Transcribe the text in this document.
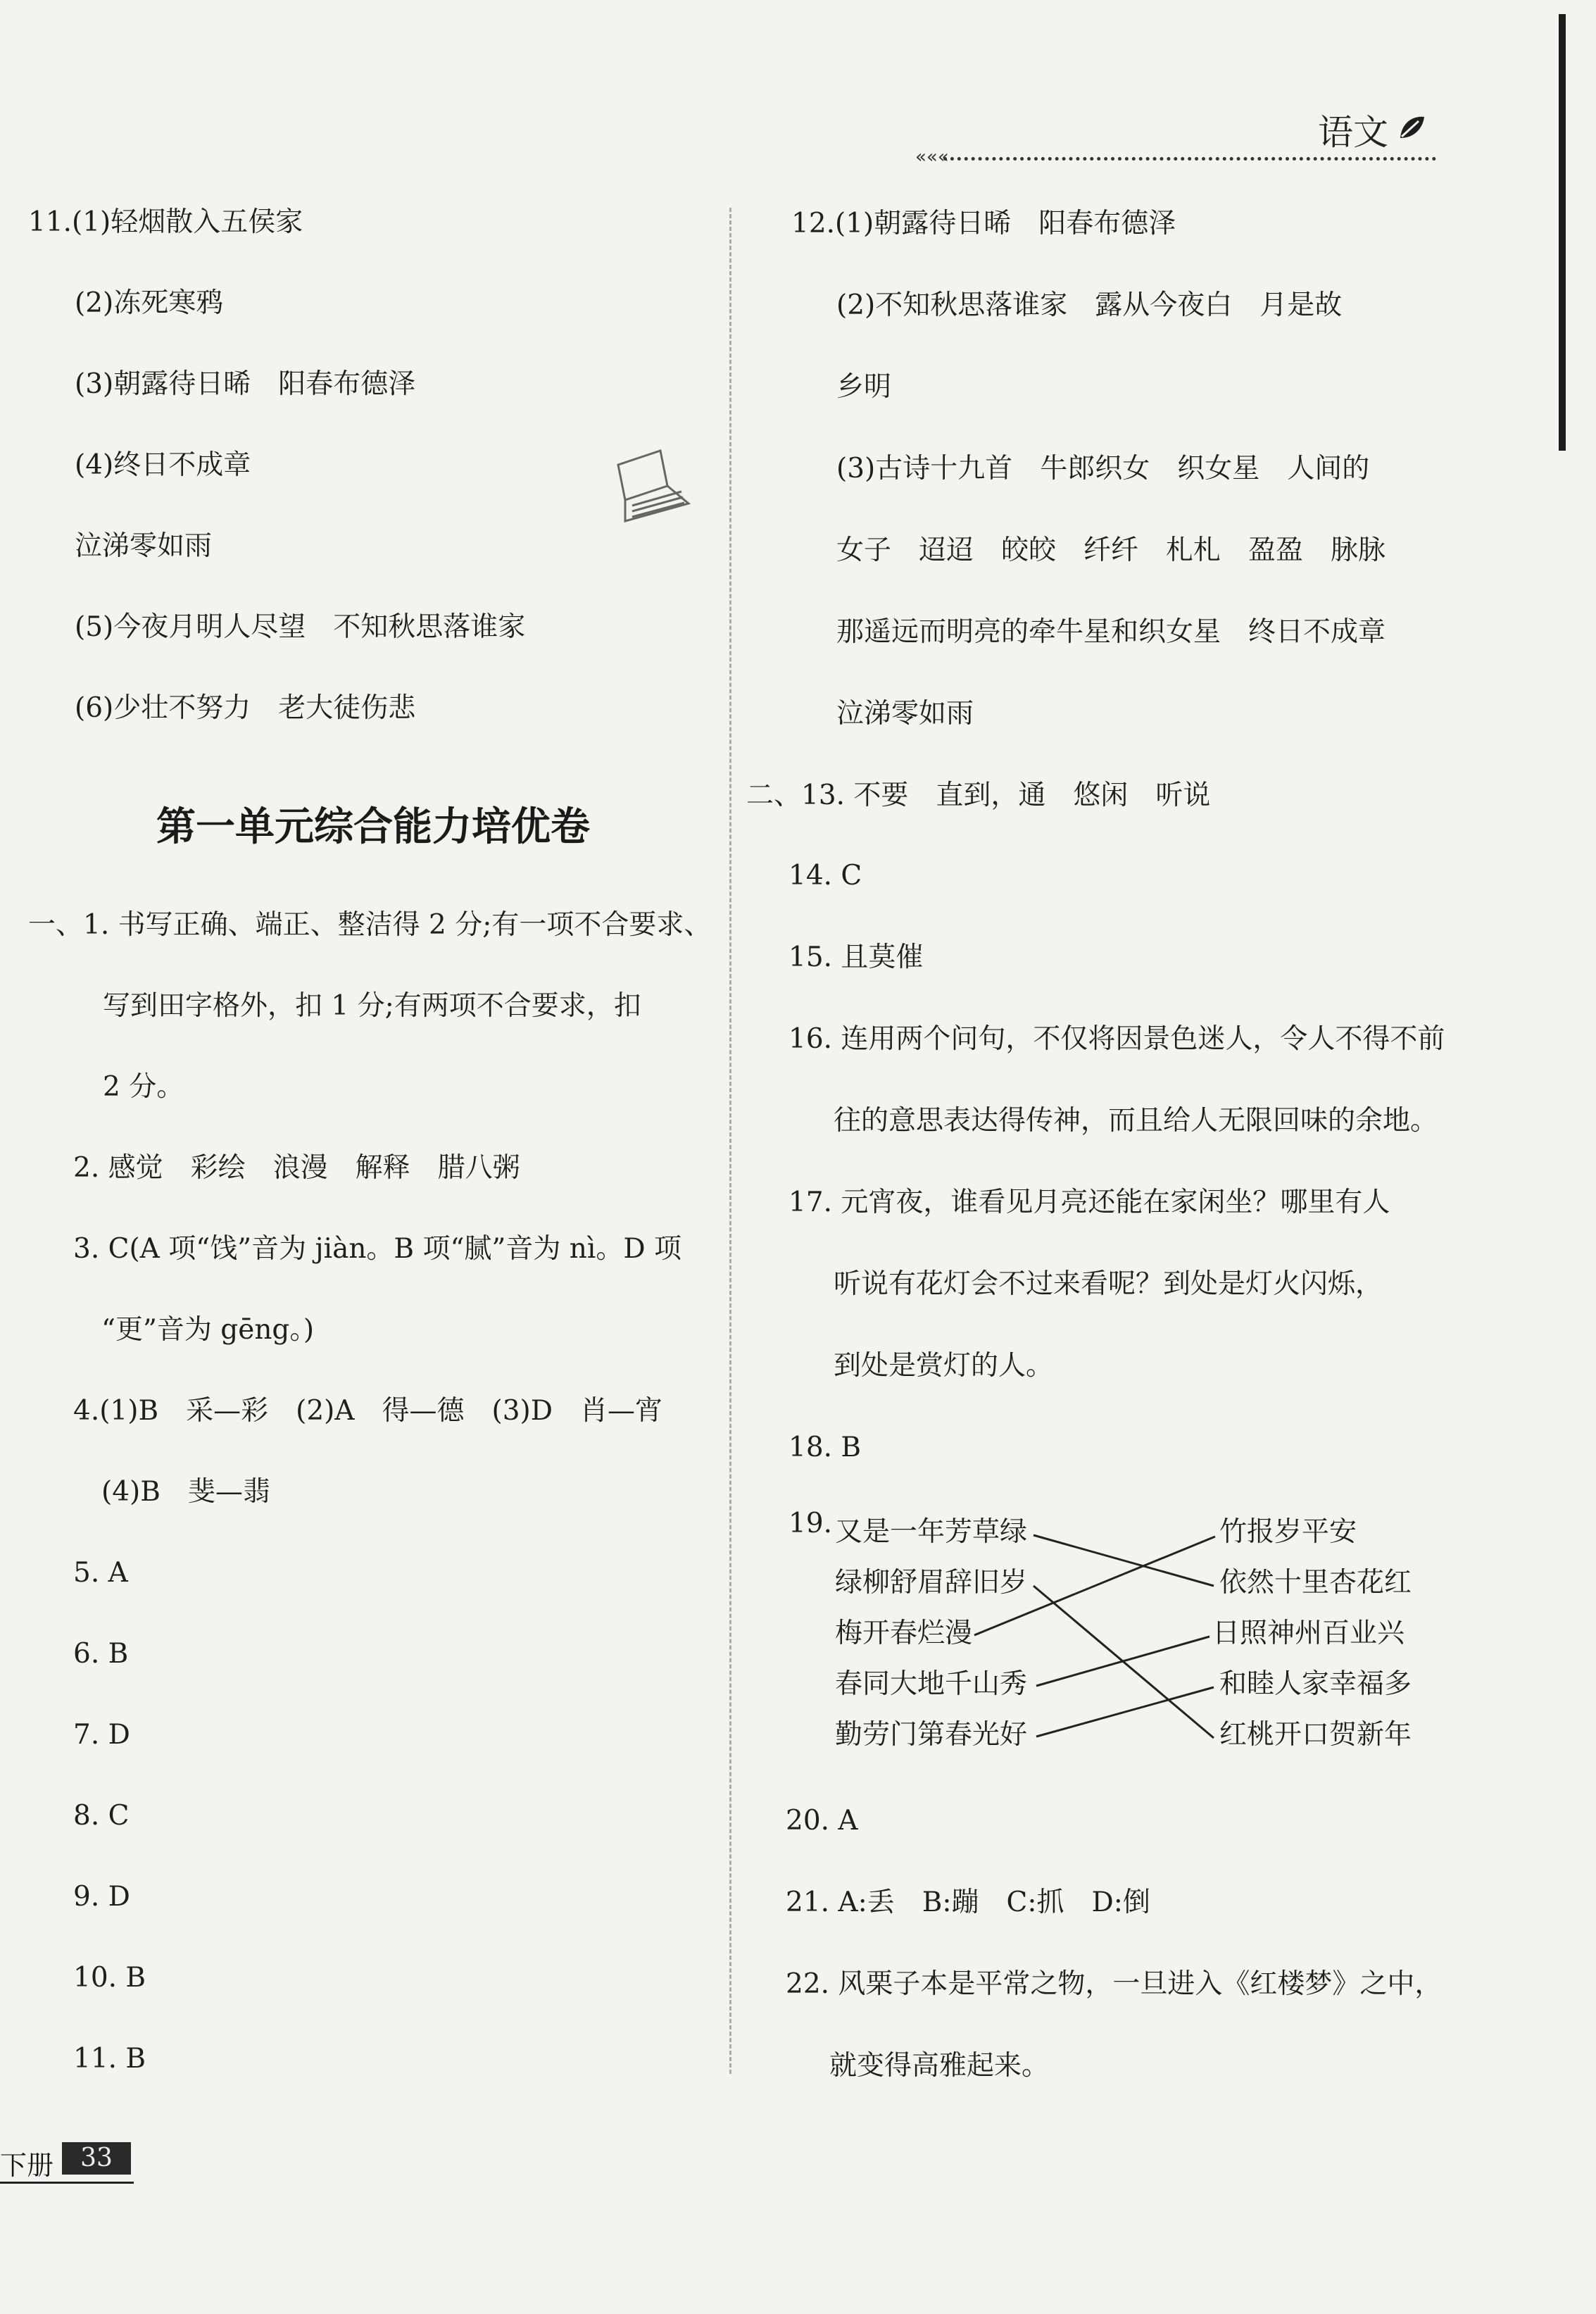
语文
«««
11.(1)轻烟散入五侯家
(2)冻死寒鸦
(3)朝露待日晞　阳春布德泽
(4)终日不成章
泣涕零如雨
(5)今夜月明人尽望　不知秋思落谁家
(6)少壮不努力　老大徒伤悲
第一单元综合能力培优卷
一、1. 书写正确、端正、整洁得 2 分;有一项不合要求、
写到田字格外，扣 1 分;有两项不合要求，扣
2 分。
2. 感觉　彩绘　浪漫　解释　腊八粥
3. C(A 项“饯”音为 jiàn。B 项“腻”音为 nì。D 项
“更”音为 gēng。)
4.(1)B　采—彩　(2)A　得—德　(3)D　肖—宵
(4)B　斐—翡
5. A
6. B
7. D
8. C
9. D
10. B
11. B
12.(1)朝露待日晞　阳春布德泽
(2)不知秋思落谁家　露从今夜白　月是故
乡明
(3)古诗十九首　牛郎织女　织女星　人间的
女子　迢迢　皎皎　纤纤　札札　盈盈　脉脉
那遥远而明亮的牵牛星和织女星　终日不成章
泣涕零如雨
二、13. 不要　直到，通　悠闲　听说
14. C
15. 且莫催
16. 连用两个问句，不仅将因景色迷人，令人不得不前
往的意思表达得传神，而且给人无限回味的余地。
17. 元宵夜，谁看见月亮还能在家闲坐？哪里有人
听说有花灯会不过来看呢？到处是灯火闪烁，
到处是赏灯的人。
18. B
19. 又是一年芳草绿
绿柳舒眉辞旧岁
梅开春烂漫
春同大地千山秀
勤劳门第春光好
竹报岁平安
依然十里杏花红
日照神州百业兴
和睦人家幸福多
红桃开口贺新年
20. A
21. A:丢　B:蹦　C:抓　D:倒
22. 风栗子本是平常之物，一旦进入《红楼梦》之中，
就变得高雅起来。
下册	33
